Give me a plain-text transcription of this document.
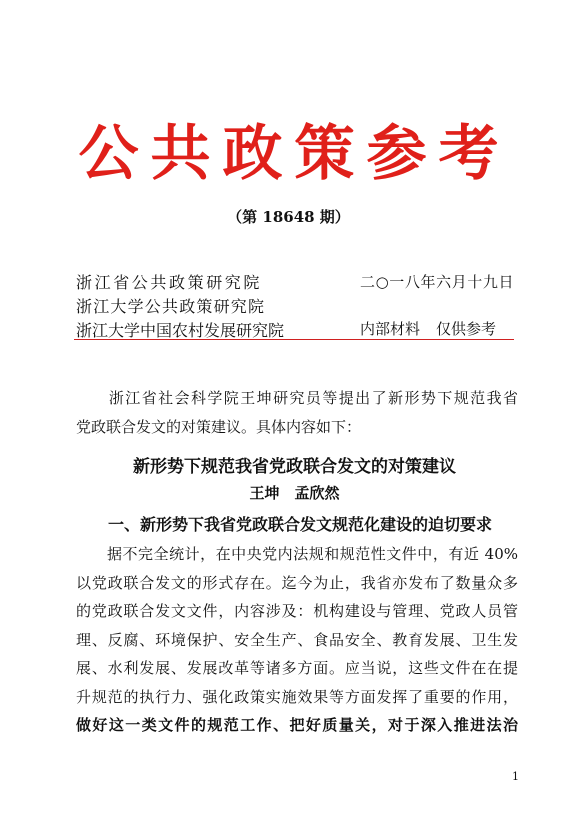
公共政策参考
（第 18648 期）
浙江省公共政策研究院
浙江大学公共政策研究院
浙江大学中国农村发展研究院
二○一八年六月十九日
内部材料 仅供参考
　　浙江省社会科学院王坤研究员等提出了新形势下规范我省
党政联合发文的对策建议。具体内容如下：
新形势下规范我省党政联合发文的对策建议
王坤　孟欣然
一、新形势下我省党政联合发文规范化建设的迫切要求
　　据不完全统计，在中央党内法规和规范性文件中，有近 40%
以党政联合发文的形式存在。迄今为止，我省亦发布了数量众多
的党政联合发文文件，内容涉及：机构建设与管理、党政人员管
理、反腐、环境保护、安全生产、食品安全、教育发展、卫生发
展、水利发展、发展改革等诸多方面。应当说，这些文件在在提
升规范的执行力、强化政策实施效果等方面发挥了重要的作用，
做好这一类文件的规范工作、把好质量关，对于深入推进法治
1
